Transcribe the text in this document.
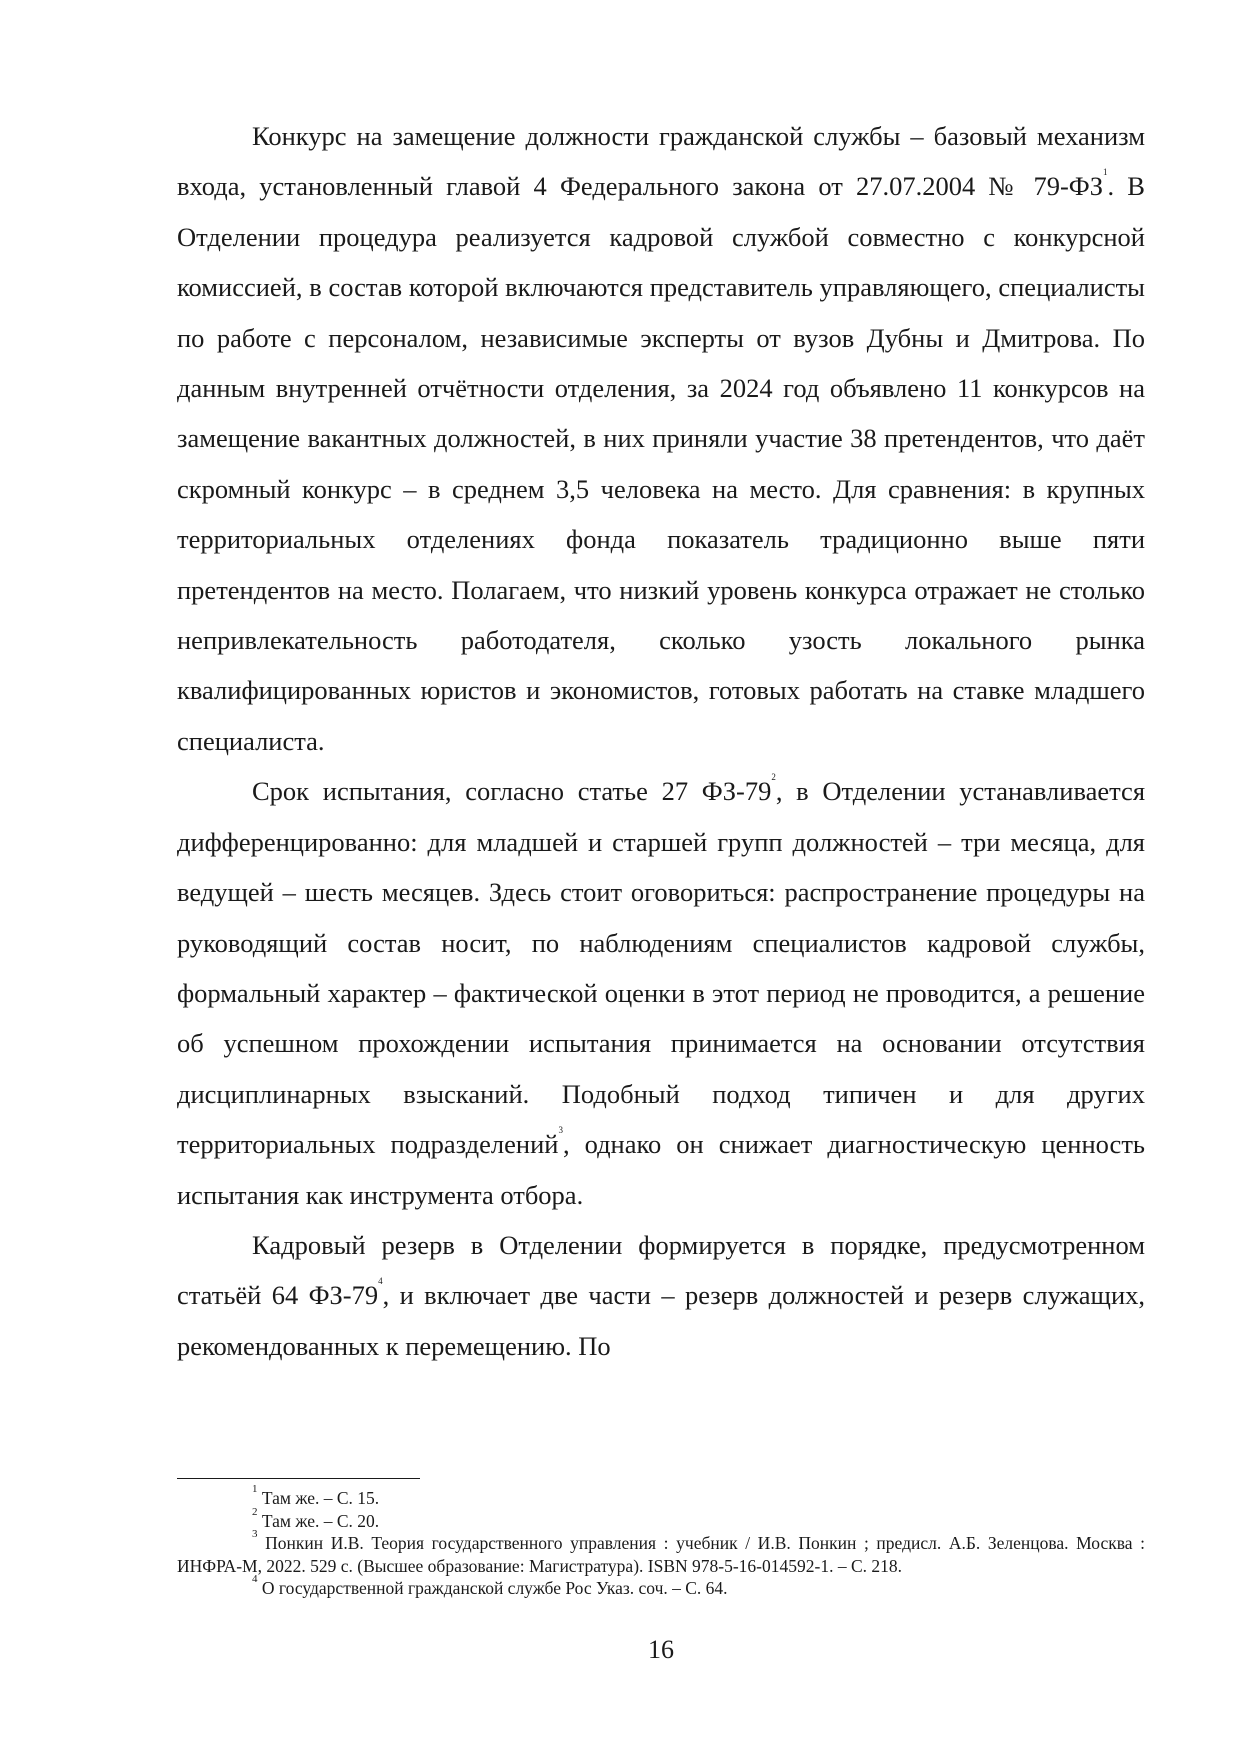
Конкурс на замещение должности гражданской службы – базовый механизм входа, установленный главой 4 Федерального закона от 27.07.2004 № 79-ФЗ$^1$. В Отделении процедура реализуется кадровой службой совместно с конкурсной комиссией, в состав которой включаются представитель управляющего, специалисты по работе с персоналом, независимые эксперты от вузов Дубны и Дмитрова. По данным внутренней отчётности отделения, за 2024 год объявлено 11 конкурсов на замещение вакантных должностей, в них приняли участие 38 претендентов, что даёт скромный конкурс – в среднем 3,5 человека на место. Для сравнения: в крупных территориальных отделениях фонда показатель традиционно выше пяти претендентов на место. Полагаем, что низкий уровень конкурса отражает не столько непривлекательность работодателя, сколько узость локального рынка квалифицированных юристов и экономистов, готовых работать на ставке младшего специалиста.

Срок испытания, согласно статье 27 ФЗ-79$^2$, в Отделении устанавливается дифференцированно: для младшей и старшей групп должностей – три месяца, для ведущей – шесть месяцев. Здесь стоит оговориться: распространение процедуры на руководящий состав носит, по наблюдениям специалистов кадровой службы, формальный характер – фактической оценки в этот период не проводится, а решение об успешном прохождении испытания принимается на основании отсутствия дисциплинарных взысканий. Подобный подход типичен и для других территориальных подразделений$^3$, однако он снижает диагностическую ценность испытания как инструмента отбора.

Кадровый резерв в Отделении формируется в порядке, предусмотренном статьёй 64 ФЗ-79$^4$, и включает две части – резерв должностей и резерв служащих, рекомендованных к перемещению. По

$^1$ Там же. – С. 15.

$^2$ Там же. – С. 20.

$^3$ Понкин И.В. Теория государственного управления : учебник / И.В. Понкин ; предисл. А.Б. Зеленцова. Москва : ИНФРА-М, 2022. 529 с. (Высшее образование: Магистратура). ISBN 978-5-16-014592-1. – С. 218.

$^4$ О государственной гражданской службе Рос Указ. соч. – С. 64.

16
